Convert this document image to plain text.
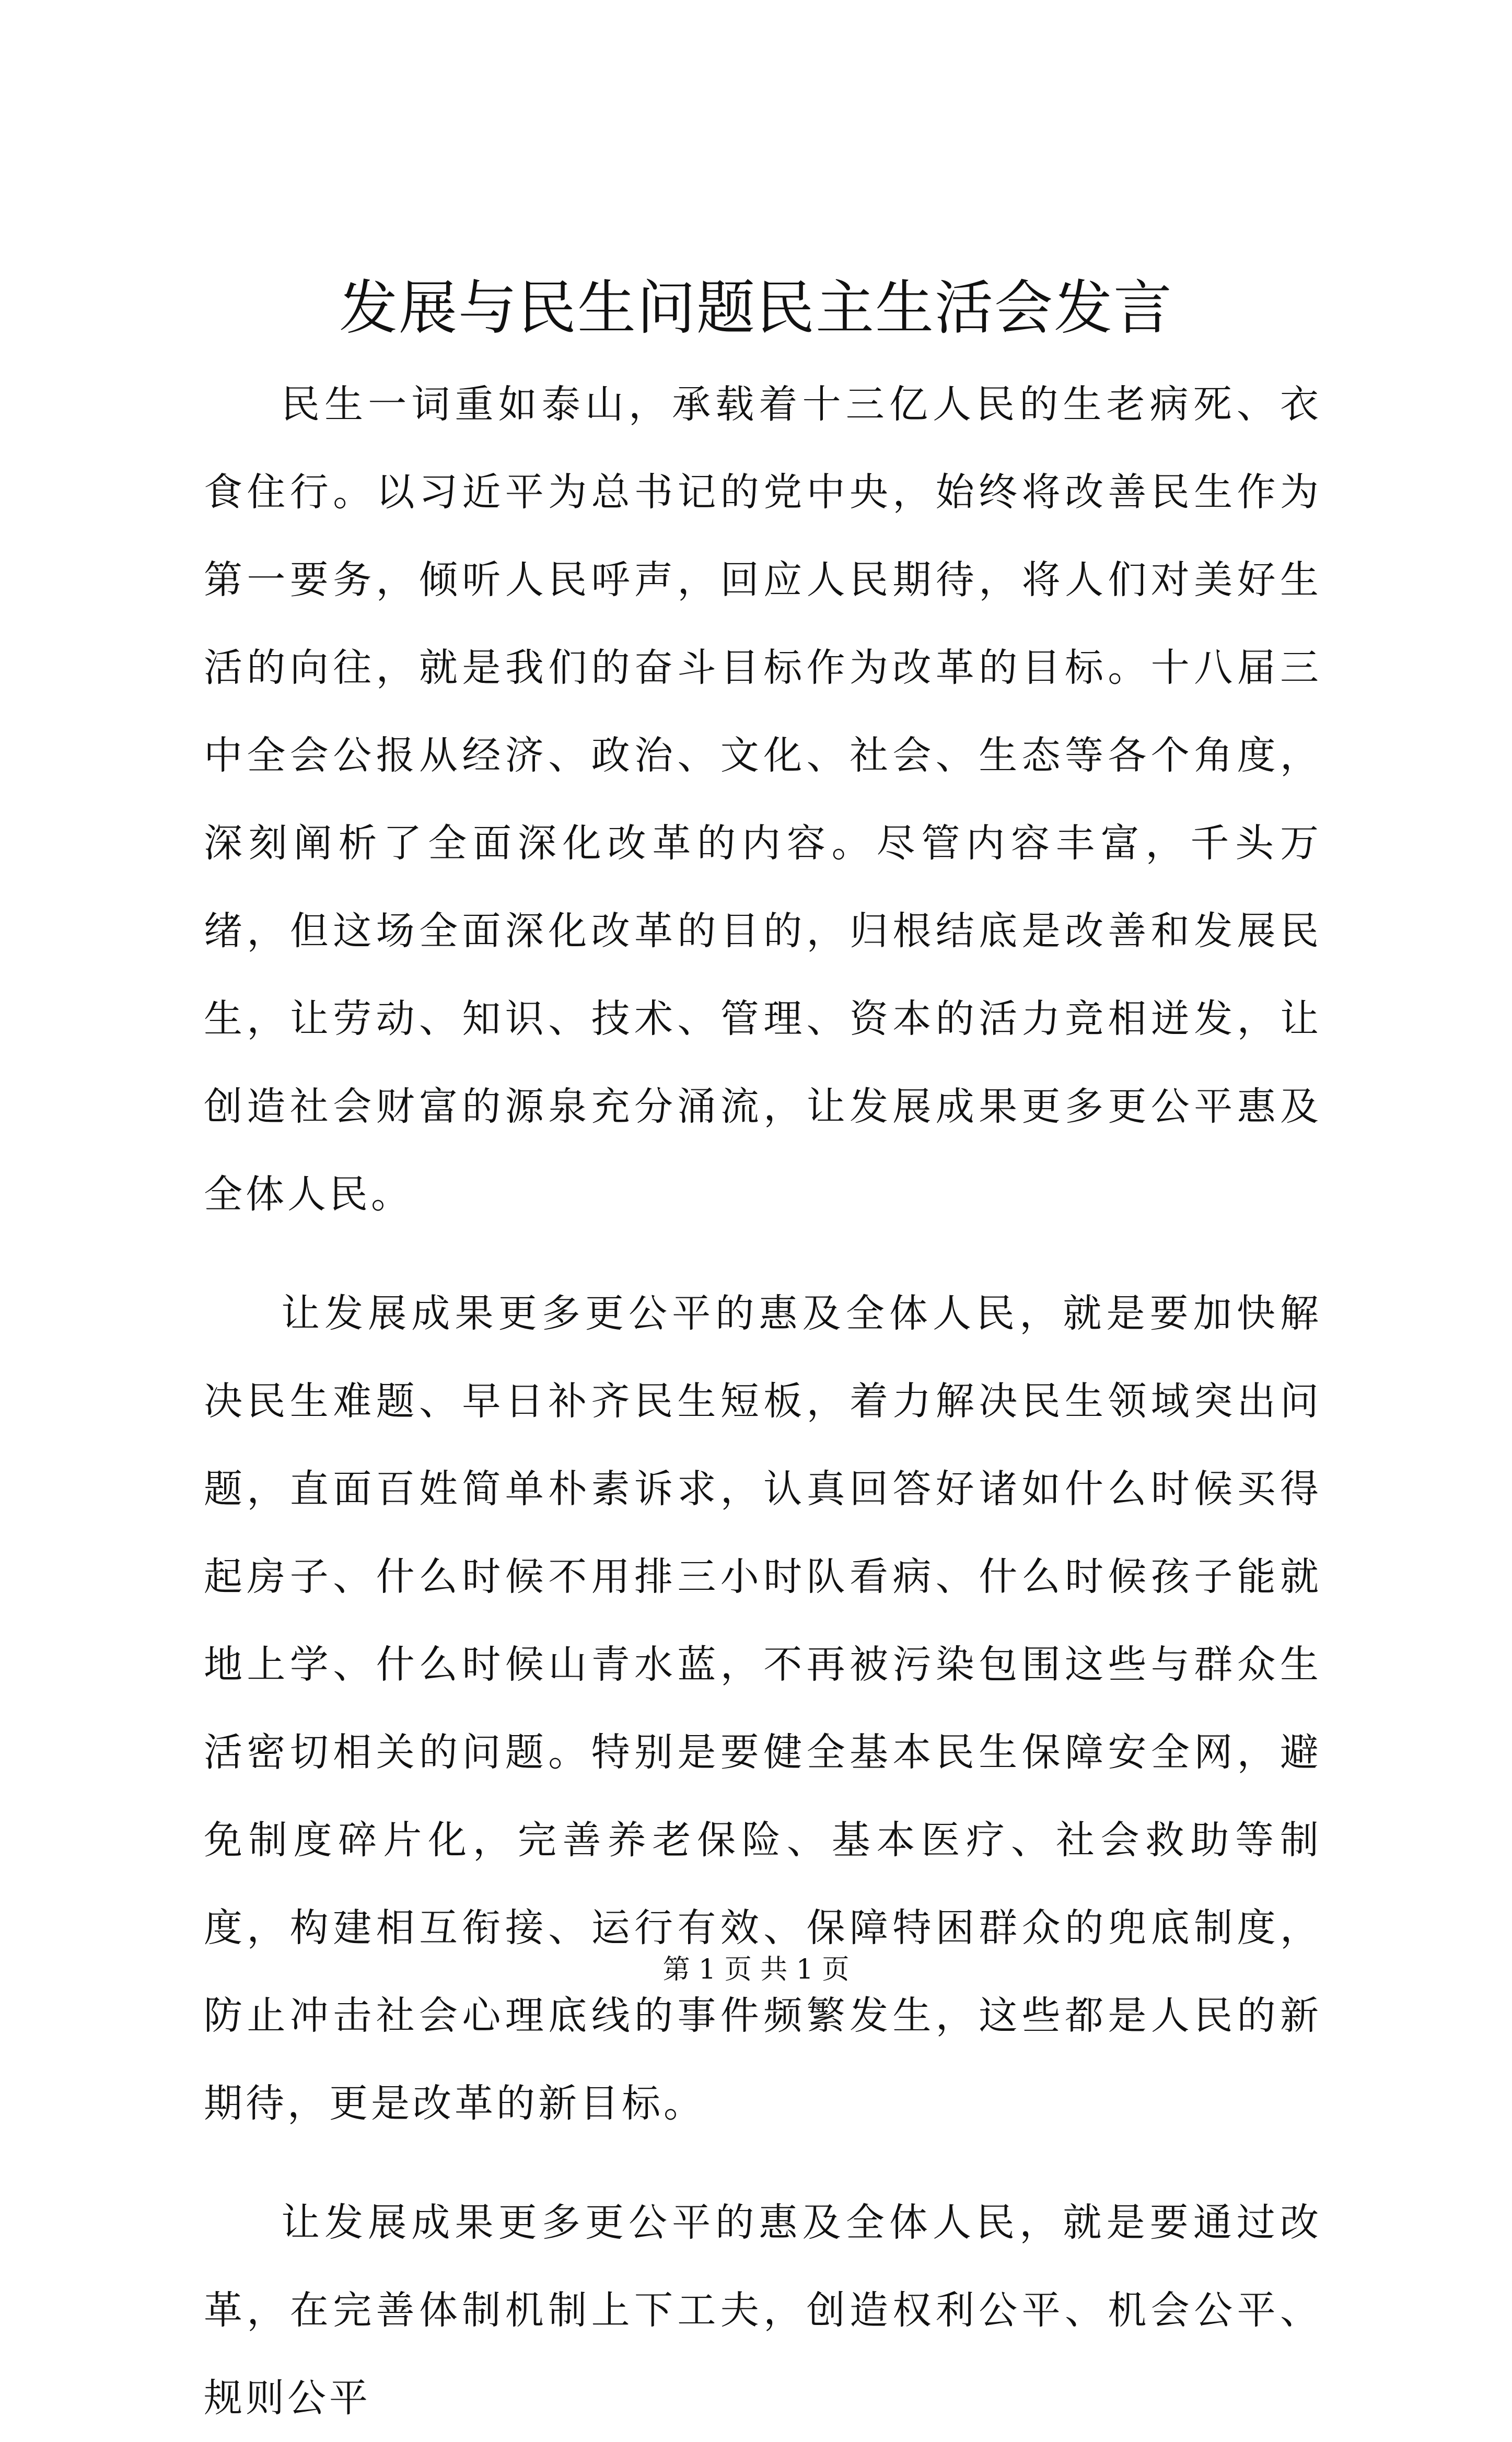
发展与民生问题民主生活会发言

民生一词重如泰山，承载着十三亿人民的生老病死、衣食住行。以习近平为总书记的党中央，始终将改善民生作为第一要务，倾听人民呼声，回应人民期待，将人们对美好生活的向往，就是我们的奋斗目标作为改革的目标。十八届三中全会公报从经济、政治、文化、社会、生态等各个角度，深刻阐析了全面深化改革的内容。尽管内容丰富，千头万绪，但这场全面深化改革的目的，归根结底是改善和发展民生，让劳动、知识、技术、管理、资本的活力竞相迸发，让创造社会财富的源泉充分涌流，让发展成果更多更公平惠及全体人民。

让发展成果更多更公平的惠及全体人民，就是要加快解决民生难题、早日补齐民生短板，着力解决民生领域突出问题，直面百姓简单朴素诉求，认真回答好诸如什么时候买得起房子、什么时候不用排三小时队看病、什么时候孩子能就地上学、什么时候山青水蓝，不再被污染包围这些与群众生活密切相关的问题。特别是要健全基本民生保障安全网，避免制度碎片化，完善养老保险、基本医疗、社会救助等制度，构建相互衔接、运行有效、保障特困群众的兜底制度，防止冲击社会心理底线的事件频繁发生，这些都是人民的新期待，更是改革的新目标。

让发展成果更多更公平的惠及全体人民，就是要通过改革，在完善体制机制上下工夫，创造权利公平、机会公平、规则公平

第 1 页 共 1 页
